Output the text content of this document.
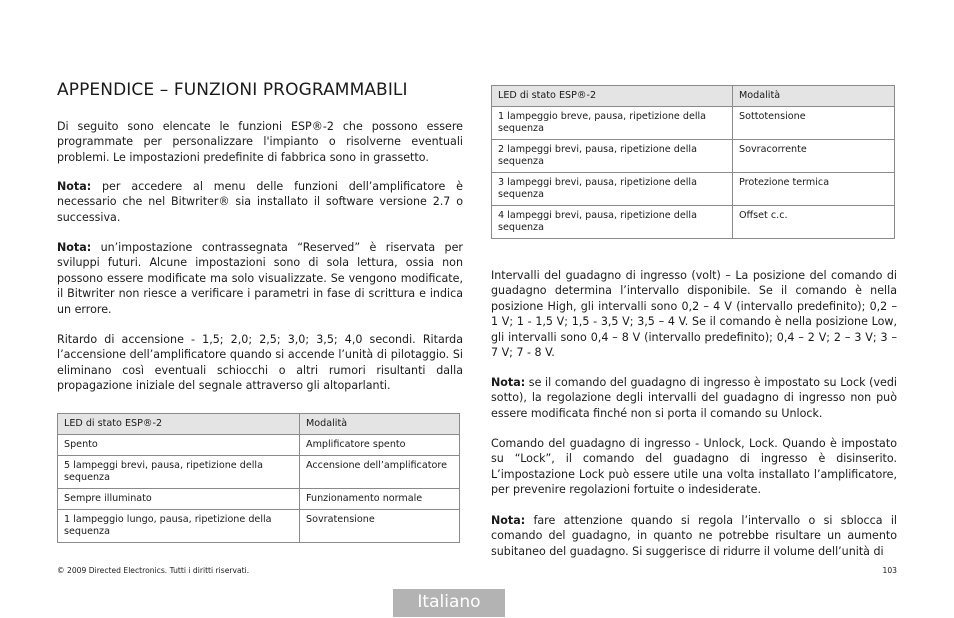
APPENDICE – FUNZIONI PROGRAMMABILI

Di seguito sono elencate le funzioni ESP®-2 che possono essere programmate per personalizzare l'impianto o risolverne eventuali problemi. Le impostazioni predefinite di fabbrica sono in grassetto.

Nota: per accedere al menu delle funzioni dell’amplificatore è necessario che nel Bitwriter® sia installato il software versione 2.7 o successiva.

Nota: un’impostazione contrassegnata “Reserved” è riservata per sviluppi futuri. Alcune impostazioni sono di sola lettura, ossia non possono essere modificate ma solo visualizzate. Se vengono modificate, il Bitwriter non riesce a verificare i parametri in fase di scrittura e indica un errore.

Ritardo di accensione - 1,5; 2,0; 2,5; 3,0; 3,5; 4,0 secondi. Ritarda l’accensione dell’amplificatore quando si accende l’unità di pilotaggio. Si eliminano così eventuali schiocchi o altri rumori risultanti dalla propagazione iniziale del segnale attraverso gli altoparlanti.

LED di stato ESP®-2	Modalità
Spento	Amplificatore spento
5 lampeggi brevi, pausa, ripetizione della sequenza	Accensione dell’amplificatore
Sempre illuminato	Funzionamento normale
1 lampeggio lungo, pausa, ripetizione della sequenza	Sovratensione
LED di stato ESP®-2	Modalità
1 lampeggio breve, pausa, ripetizione della sequenza	Sottotensione
2 lampeggi brevi, pausa, ripetizione della sequenza	Sovracorrente
3 lampeggi brevi, pausa, ripetizione della sequenza	Protezione termica
4 lampeggi brevi, pausa, ripetizione della sequenza	Offset c.c.

Intervalli del guadagno di ingresso (volt) – La posizione del comando di guadagno determina l’intervallo disponibile. Se il comando è nella posizione High, gli intervalli sono 0,2 – 4 V (intervallo predefinito); 0,2 – 1 V; 1 - 1,5 V; 1,5 - 3,5 V; 3,5 – 4 V. Se il comando è nella posizione Low, gli intervalli sono 0,4 – 8 V (intervallo predefinito); 0,4 – 2 V; 2 – 3 V; 3 – 7 V; 7 - 8 V.

Nota: se il comando del guadagno di ingresso è impostato su Lock (vedi sotto), la regolazione degli intervalli del guadagno di ingresso non può essere modificata finché non si porta il comando su Unlock.

Comando del guadagno di ingresso - Unlock, Lock. Quando è impostato su “Lock”, il comando del guadagno di ingresso è disinserito. L’impostazione Lock può essere utile una volta installato l’amplificatore, per prevenire regolazioni fortuite o indesiderate.

Nota: fare attenzione quando si regola l’intervallo o si sblocca il comando del guadagno, in quanto ne potrebbe risultare un aumento subitaneo del guadagno. Si suggerisce di ridurre il volume dell’unità di

© 2009 Directed Electronics. Tutti i diritti riservati.	103
Italiano
